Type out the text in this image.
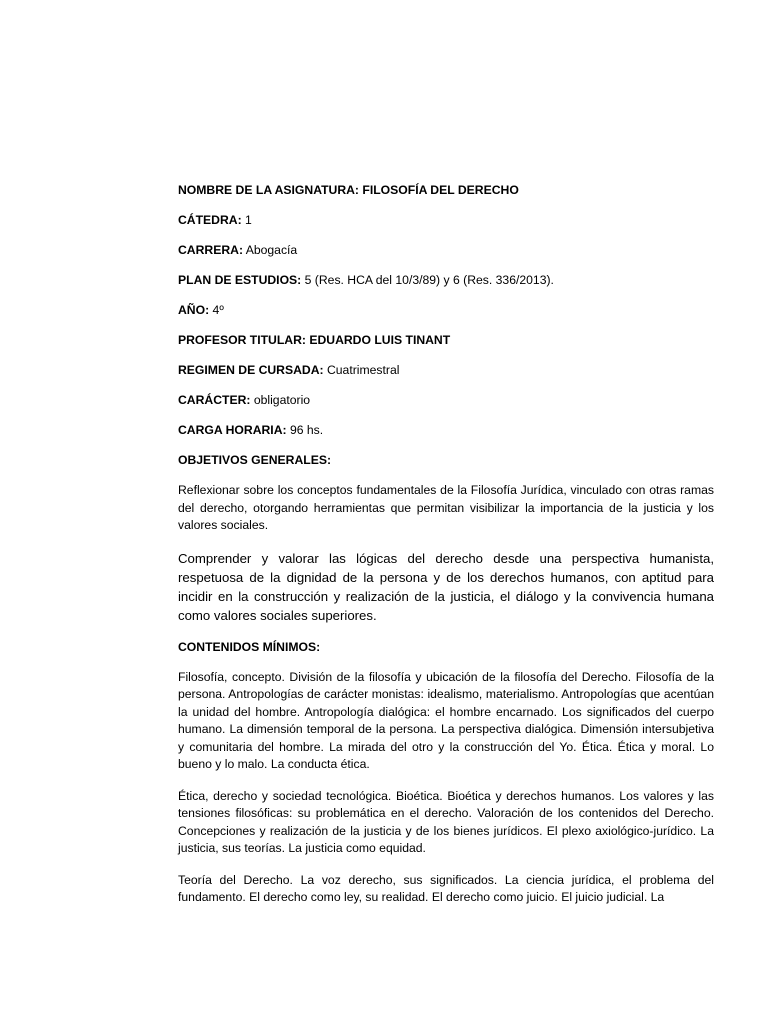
NOMBRE DE LA ASIGNATURA: FILOSOFÍA DEL DERECHO
CÁTEDRA: 1
CARRERA: Abogacía
PLAN DE ESTUDIOS: 5 (Res. HCA del 10/3/89) y 6 (Res. 336/2013).
AÑO: 4º
PROFESOR TITULAR: EDUARDO LUIS TINANT
REGIMEN DE CURSADA: Cuatrimestral
CARÁCTER: obligatorio
CARGA HORARIA: 96 hs.
OBJETIVOS GENERALES:

Reflexionar sobre los conceptos fundamentales de la Filosofía Jurídica, vinculado con otras ramas del derecho, otorgando herramientas que permitan visibilizar la importancia de la justicia y los valores sociales.

Comprender y valorar las lógicas del derecho desde una perspectiva humanista, respetuosa de la dignidad de la persona y de los derechos humanos, con aptitud para incidir en la construcción y realización de la justicia, el diálogo y la convivencia humana como valores sociales superiores.

CONTENIDOS MÍNIMOS:

Filosofía, concepto. División de la filosofía y ubicación de la filosofía del Derecho. Filosofía de la persona. Antropologías de carácter monistas: idealismo, materialismo. Antropologías que acentúan la unidad del hombre. Antropología dialógica: el hombre encarnado. Los significados del cuerpo humano. La dimensión temporal de la persona. La perspectiva dialógica. Dimensión intersubjetiva y comunitaria del hombre. La mirada del otro y la construcción del Yo. Ética. Ética y moral. Lo bueno y lo malo. La conducta ética.

Ética, derecho y sociedad tecnológica. Bioética. Bioética y derechos humanos. Los valores y las tensiones filosóficas: su problemática en el derecho. Valoración de los contenidos del Derecho. Concepciones y realización de la justicia y de los bienes jurídicos. El plexo axiológico-jurídico. La justicia, sus teorías. La justicia como equidad.

Teoría del Derecho. La voz derecho, sus significados. La ciencia jurídica, el problema del fundamento. El derecho como ley, su realidad. El derecho como juicio. El juicio judicial. La
